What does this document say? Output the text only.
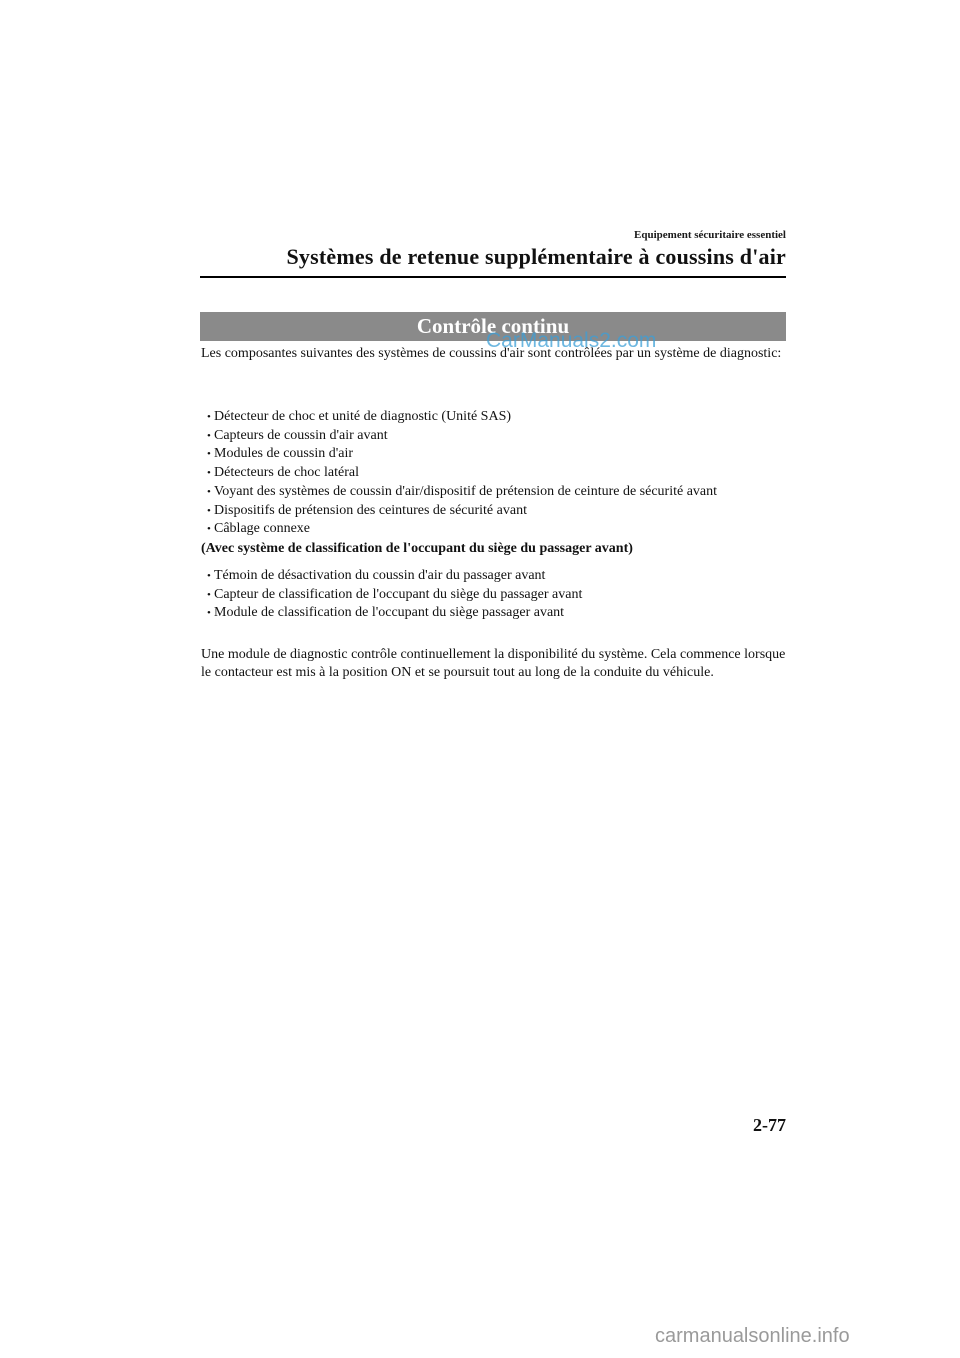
Equipement sécuritaire essentiel
Systèmes de retenue supplémentaire à coussins d'air
Contrôle continu
CarManuals2.com
Les composantes suivantes des systèmes de coussins d'air sont contrôlées par un système de diagnostic:
• Détecteur de choc et unité de diagnostic (Unité SAS)
• Capteurs de coussin d'air avant
• Modules de coussin d'air
• Détecteurs de choc latéral
• Voyant des systèmes de coussin d'air/dispositif de prétension de ceinture de sécurité avant
• Dispositifs de prétension des ceintures de sécurité avant
• Câblage connexe
(Avec système de classification de l'occupant du siège du passager avant)
• Témoin de désactivation du coussin d'air du passager avant
• Capteur de classification de l'occupant du siège du passager avant
• Module de classification de l'occupant du siège passager avant
Une module de diagnostic contrôle continuellement la disponibilité du système. Cela commence lorsque le contacteur est mis à la position ON et se poursuit tout au long de la conduite du véhicule.
2-77
carmanualsonline.info
